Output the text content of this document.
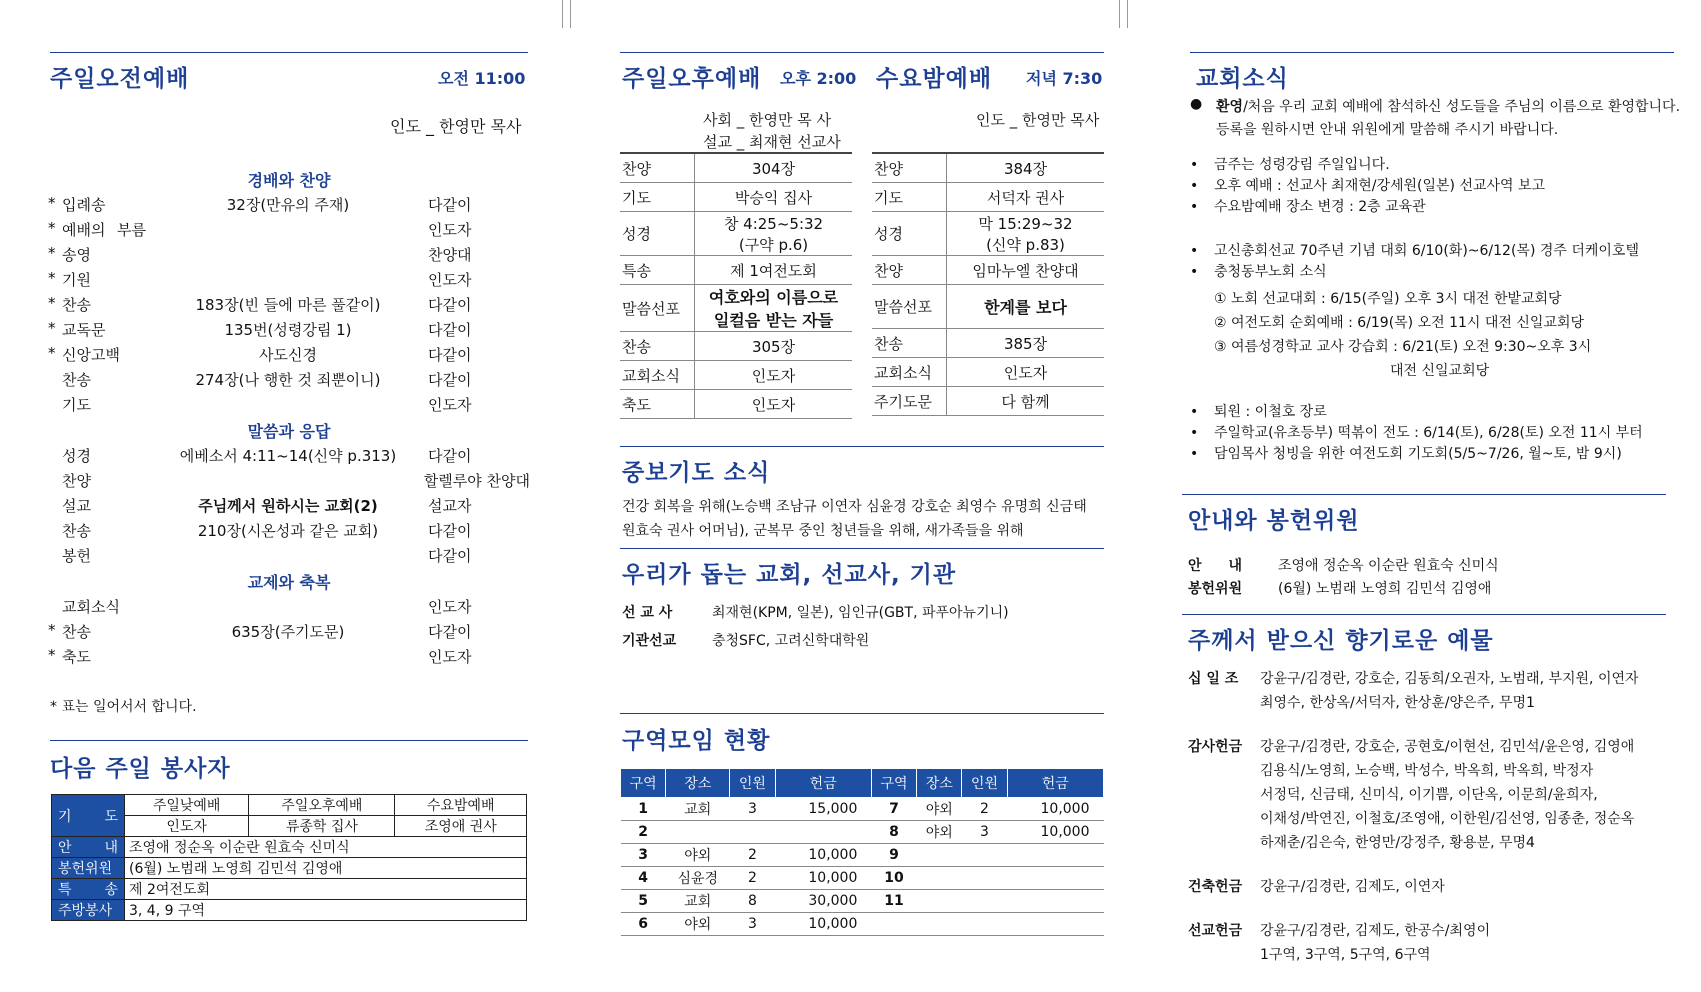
주일오전예배	오전 11:00
인도 _ 한영만 목사
경배와 찬양
* 입례송	32장(만유의 주재)	다같이
* 예배의 부름	인도자
* 송영	찬양대
* 기원	인도자
* 찬송	183장(빈 들에 마른 풀같이)	다같이
* 교독문	135번(성령강림 1)	다같이
* 신앙고백	사도신경	다같이
찬송	274장(나 행한 것 죄뿐이니)	다같이
기도	인도자
말씀과 응답
성경	에베소서 4:11~14(신약 p.313)	다같이
찬양	할렐루야 찬양대
설교	주님께서 원하시는 교회(2)	설교자
찬송	210장(시온성과 같은 교회)	다같이
봉헌	다같이
교제와 축복
교회소식	인도자
* 찬송	635장(주기도문)	다같이
* 축도	인도자
* 표는 일어서서 합니다.
다음 주일 봉사자
기 도	주일낮예배	주일오후예배	수요밤예배
	인도자	류종학 집사	조영애 권사
안 내	조영애 정순옥 이순란 원효숙 신미식		
봉헌위원	(6월) 노범래 노영희 김민석 김영애		
특 송	제 2여전도회		
주방봉사	3, 4, 9 구역		
주일오후예배 오후 2:00 수요밤예배 저녁 7:30
사회 _ 한영만 목 사
설교 _ 최재현 선교사
인도 _ 한영만 목사
찬양	304장

기도	박승익 집사

성경	창 4:25~5:32
(구약 p.6)

특송	제 1여전도회

말씀선포	여호와의 이름으로
일컬음 받는 자들

찬송	305장

교회소식	인도자

축도	인도자
찬양	384장

기도	서덕자 권사

성경	막 15:29~32
(신약 p.83)

찬양	임마누엘 찬양대

말씀선포	한계를 보다

찬송	385장

교회소식	인도자

주기도문	다 함께
중보기도 소식
건강 회복을 위해(노승백 조남규 이연자 심윤경 강호순 최영수 유명희 신금태
원효숙 권사 어머님), 군복무 중인 청년들을 위해, 새가족들을 위해
우리가 돕는 교회, 선교사, 기관
선 교 사	최재현(KPM, 일본), 임인규(GBT, 파푸아뉴기니)
기관선교	충청SFC, 고려신학대학원
구역모임 현황
구역	장소	인원	헌금	구역	장소	인원	헌금
1	교회	3	15,000	7	야외	2	10,000
2				8	야외	3	10,000
3	야외	2	10,000	9			
4	심윤경	2	10,000	10			
5	교회	8	30,000	11			
6	야외	3	10,000				
교회소식
● 환영/처음 우리 교회 예배에 참석하신 성도들을 주님의 이름으로 환영합니다.
등록을 원하시면 안내 위원에게 말씀해 주시기 바랍니다.
• 금주는 성령강림 주일입니다.
• 오후 예배 : 선교사 최재현/강세원(일본) 선교사역 보고
• 수요밤예배 장소 변경 : 2층 교육관
• 고신총회선교 70주년 기념 대회 6/10(화)~6/12(목) 경주 더케이호텔
• 충청동부노회 소식
① 노회 선교대회 : 6/15(주일) 오후 3시 대전 한밭교회당
② 여전도회 순회예배 : 6/19(목) 오전 11시 대전 신일교회당
③ 여름성경학교 교사 강습회 : 6/21(토) 오전 9:30~오후 3시
대전 신일교회당
• 퇴원 : 이철호 장로
• 주일학교(유초등부) 떡볶이 전도 : 6/14(토), 6/28(토) 오전 11시 부터
• 담임목사 청빙을 위한 여전도회 기도회(5/5~7/26, 월~토, 밤 9시)
안내와 봉헌위원
안 내	조영애 정순옥 이순란 원효숙 신미식
봉헌위원	(6월) 노범래 노영희 김민석 김영애
주께서 받으신 향기로운 예물
십 일 조 강윤구/김경란, 강호순, 김동희/오권자, 노범래, 부지원, 이연자
최영수, 한상옥/서덕자, 한상훈/양은주, 무명1
감사헌금 강윤구/김경란, 강호순, 공현호/이현선, 김민석/윤은영, 김영애
김용식/노영희, 노승백, 박성수, 박옥희, 박옥희, 박정자
서정덕, 신금태, 신미식, 이기쁨, 이단옥, 이문희/윤희자,
이채성/박연진, 이철호/조영애, 이한원/김선영, 임종춘, 정순옥
하재춘/김은숙, 한영만/강정주, 황용분, 무명4
건축헌금 강윤구/김경란, 김제도, 이연자
선교헌금 강윤구/김경란, 김제도, 한공수/최영이
1구역, 3구역, 5구역, 6구역
